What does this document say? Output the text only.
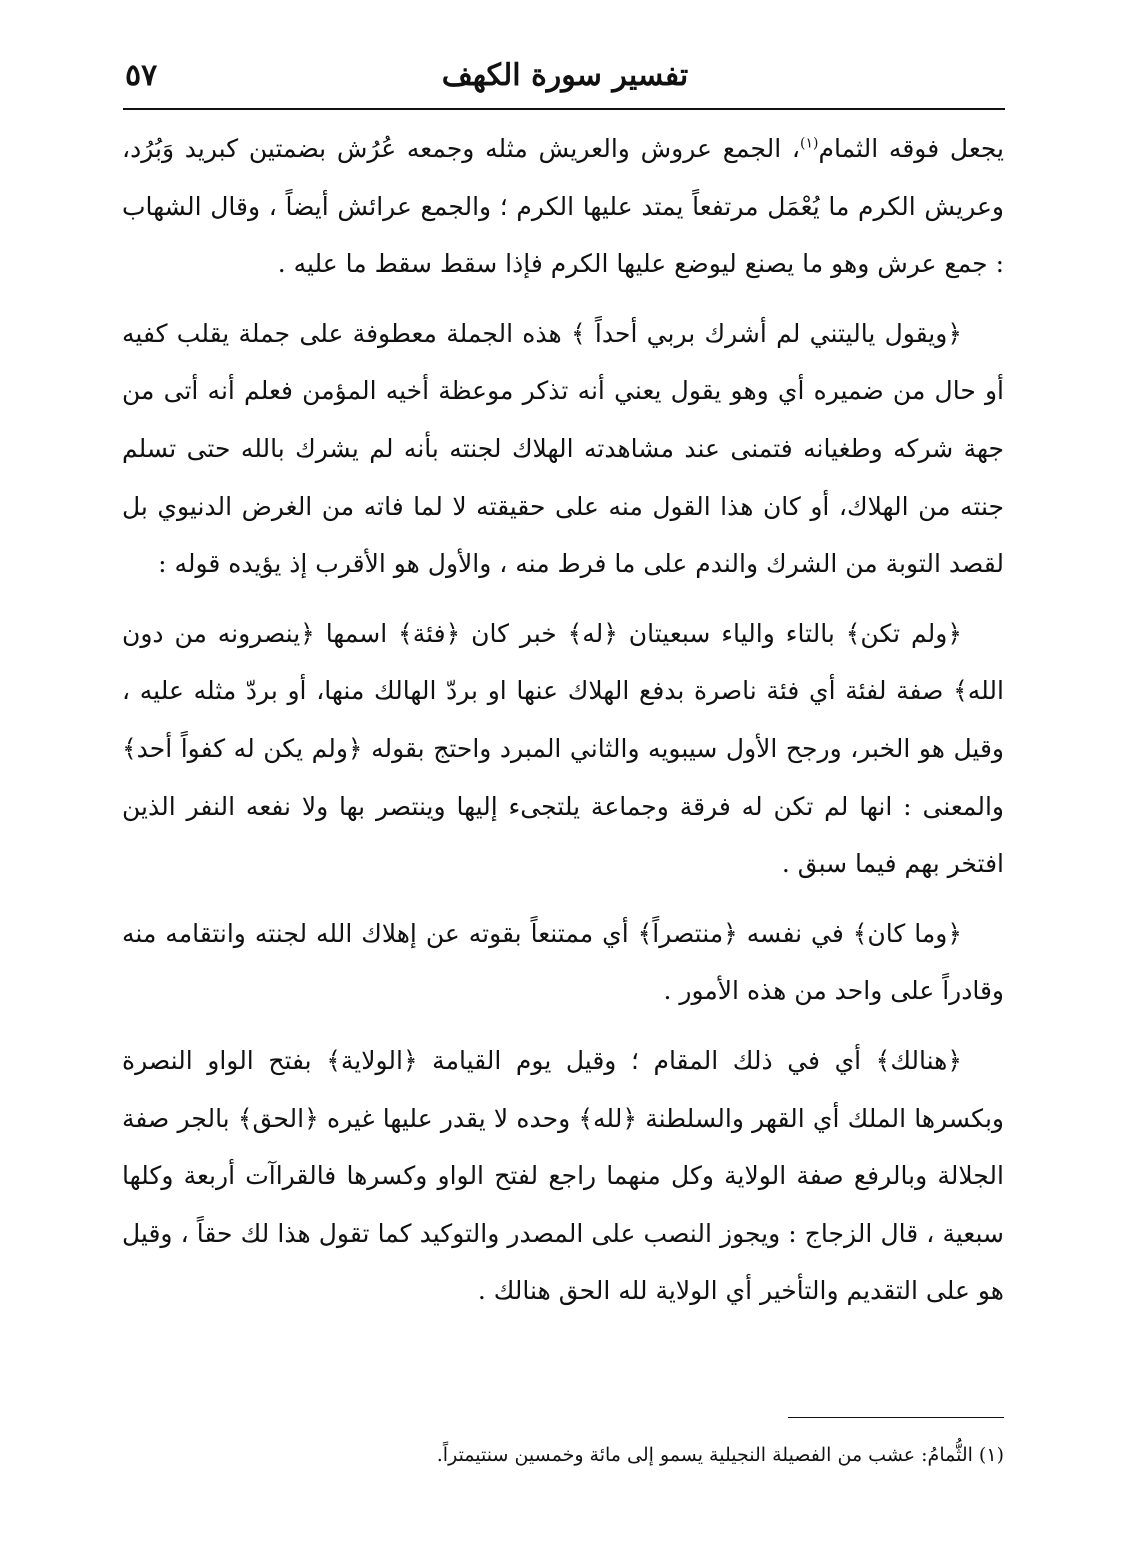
٥٧	تفسير سورة الكهف

يجعل فوقه الثمام$^{(١)}$، الجمع عروش والعريش مثله وجمعه عُرُش بضمتين كبريد وَبُرُد، وعريش الكرم ما يُعْمَل مرتفعاً يمتد عليها الكرم ؛ والجمع عرائش أيضاً ، وقال الشهاب : جمع عرش وهو ما يصنع ليوضع عليها الكرم فإذا سقط سقط ما عليه .

﴿ويقول ياليتني لم أشرك بربي أحداً ﴾ هذه الجملة معطوفة على جملة يقلب كفيه أو حال من ضميره أي وهو يقول يعني أنه تذكر موعظة أخيه المؤمن فعلم أنه أتى من جهة شركه وطغيانه فتمنى عند مشاهدته الهلاك لجنته بأنه لم يشرك بالله حتى تسلم جنته من الهلاك، أو كان هذا القول منه على حقيقته لا لما فاته من الغرض الدنيوي بل لقصد التوبة من الشرك والندم على ما فرط منه ، والأول هو الأقرب إذ يؤيده قوله :

﴿ولم تكن﴾ بالتاء والياء سبعيتان ﴿له﴾ خبر كان ﴿فئة﴾ اسمها ﴿ينصرونه من دون الله﴾ صفة لفئة أي فئة ناصرة بدفع الهلاك عنها او بردّ الهالك منها، أو بردّ مثله عليه ، وقيل هو الخبر، ورجح الأول سيبويه والثاني المبرد واحتج بقوله ﴿ولم يكن له كفواً أحد﴾ والمعنى : انها لم تكن له فرقة وجماعة يلتجىء إليها وينتصر بها ولا نفعه النفر الذين افتخر بهم فيما سبق .

﴿وما كان﴾ في نفسه ﴿منتصراً﴾ أي ممتنعاً بقوته عن إهلاك الله لجنته وانتقامه منه وقادراً على واحد من هذه الأمور .

﴿هنالك﴾ أي في ذلك المقام ؛ وقيل يوم القيامة ﴿الولاية﴾ بفتح الواو النصرة وبكسرها الملك أي القهر والسلطنة ﴿لله﴾ وحده لا يقدر عليها غيره ﴿الحق﴾ بالجر صفة الجلالة وبالرفع صفة الولاية وكل منهما راجع لفتح الواو وكسرها فالقراآت أربعة وكلها سبعية ، قال الزجاج : ويجوز النصب على المصدر والتوكيد كما تقول هذا لك حقاً ، وقيل هو على التقديم والتأخير أي الولاية لله الحق هنالك .

(١) الثُّمامُ: عشب من الفصيلة النجيلية يسمو إلى مائة وخمسين سنتيمتراً.
